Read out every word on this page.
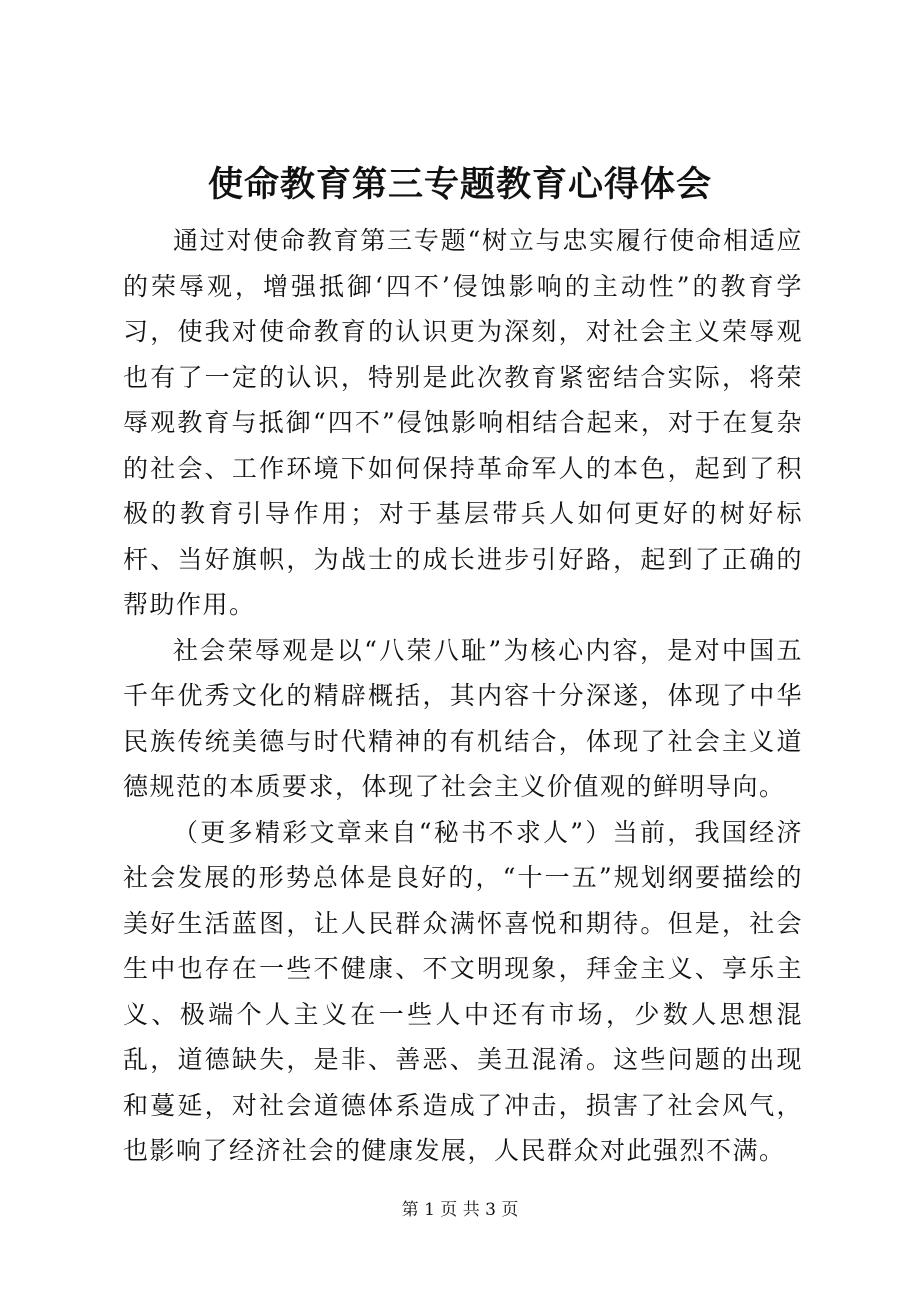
使命教育第三专题教育心得体会

通过对使命教育第三专题“树立与忠实履行使命相适应的荣辱观，增强抵御‘四不’侵蚀影响的主动性”的教育学习，使我对使命教育的认识更为深刻，对社会主义荣辱观也有了一定的认识，特别是此次教育紧密结合实际，将荣辱观教育与抵御“四不”侵蚀影响相结合起来，对于在复杂的社会、工作环境下如何保持革命军人的本色，起到了积极的教育引导作用；对于基层带兵人如何更好的树好标杆、当好旗帜，为战士的成长进步引好路，起到了正确的帮助作用。

社会荣辱观是以“八荣八耻”为核心内容，是对中国五千年优秀文化的精辟概括，其内容十分深遂，体现了中华民族传统美德与时代精神的有机结合，体现了社会主义道德规范的本质要求，体现了社会主义价值观的鲜明导向。

（更多精彩文章来自“秘书不求人”）当前，我国经济社会发展的形势总体是良好的，“十一五”规划纲要描绘的美好生活蓝图，让人民群众满怀喜悦和期待。但是，社会生中也存在一些不健康、不文明现象，拜金主义、享乐主义、极端个人主义在一些人中还有市场，少数人思想混乱，道德缺失，是非、善恶、美丑混淆。这些问题的出现和蔓延，对社会道德体系造成了冲击，损害了社会风气，也影响了经济社会的健康发展，人民群众对此强烈不满。

第 1 页 共 3 页
